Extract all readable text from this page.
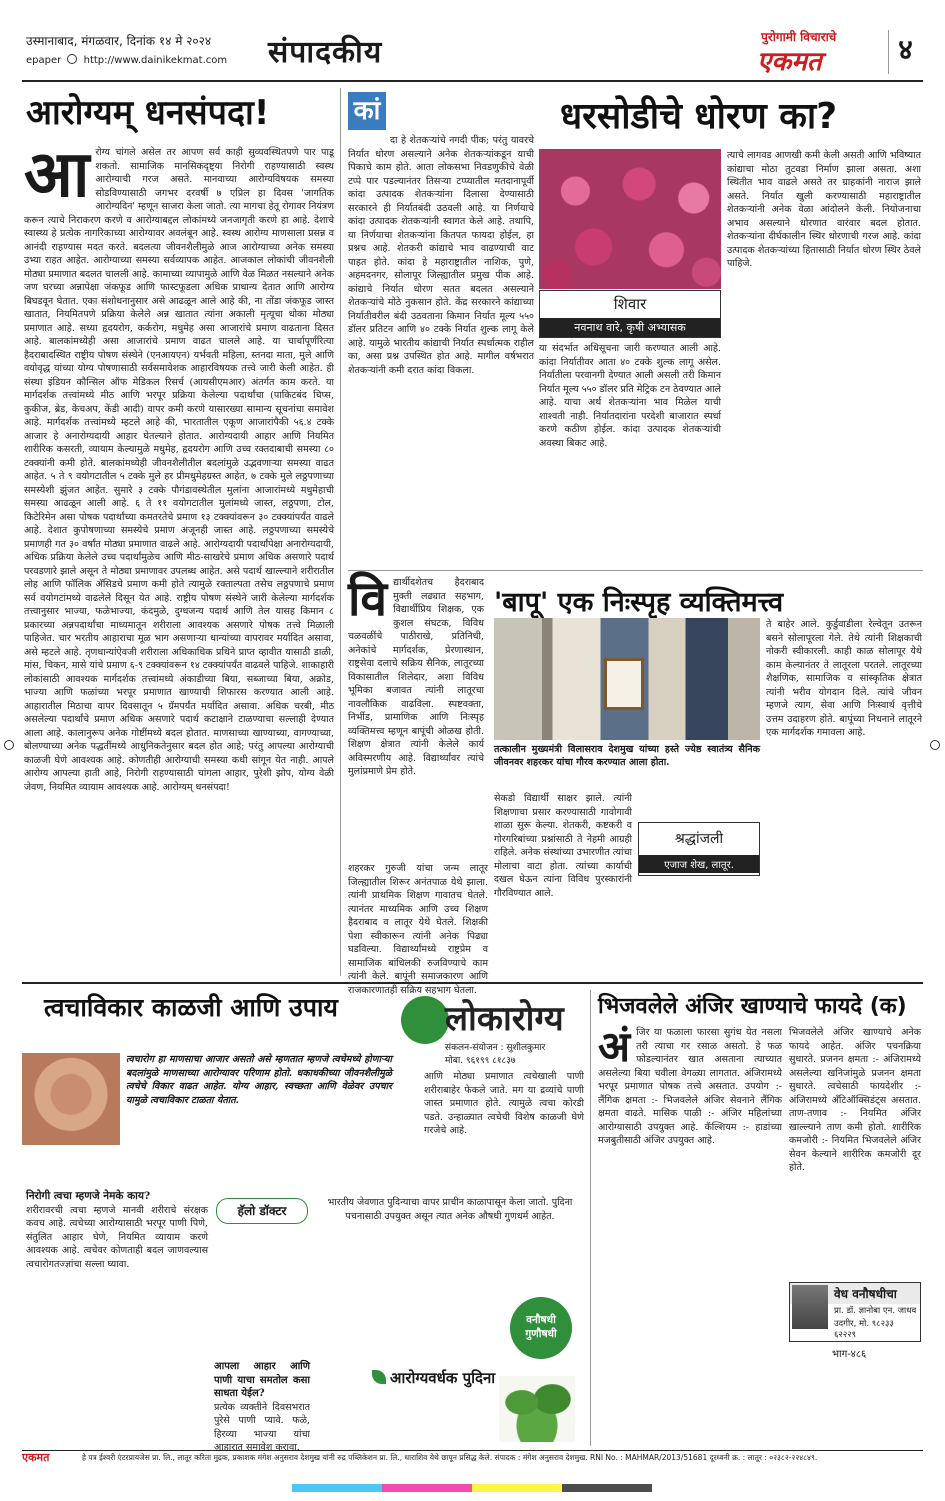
उस्मानाबाद, मंगळवार, दिनांक १४ मे २०२४
epaper http://www.dainikekmat.com संपादकीय	पुरोगामी विचाराचे
एकमत	४
आरोग्यम् धनसंपदा!
आ रोग्य चांगले असेल तर आपण सर्व काही सुव्यवस्थितपणे पार पाडू शकतो. सामाजिक मानसिकदृष्ट्या निरोगी राहण्यासाठी स्वस्थ आरोग्याची गरज असते. मानवाच्या आरोग्यविषयक समस्या सोडविण्यासाठी जगभर दरवर्षी ७ एप्रिल हा दिवस 'जागतिक आरोग्यदिन' म्हणून साजरा केला जातो. त्या मागचा हेतू रोगावर नियंत्रण करून त्याचे निराकरण करणे व आरोग्याबद्दल लोकांमध्ये जनजागृती करणे हा आहे. देशाचे स्वास्थ्य हे प्रत्येक नागरिकाच्या आरोग्यावर अवलंबून आहे. स्वस्थ आरोग्य माणसाला प्रसन्न व आनंदी राहण्यास मदत करते. बदलत्या जीवनशैलीमुळे आज आरोग्याच्या अनेक समस्या उभ्या राहत आहेत. आरोग्याच्या समस्या सर्वव्यापक आहेत. आजकाल लोकांची जीवनशैली मोठ्या प्रमाणात बदलत चालली आहे. कामाच्या व्यापामुळे आणि वेळ मिळत नसल्याने अनेक जण घरच्या अन्नापेक्षा जंकफूड आणि फास्टफूडला अधिक प्राधान्य देतात आणि आरोग्य बिघडवून घेतात. एका संशोधनानुसार असे आढळून आले आहे की, ना तोंडा जंकफूड जास्त खातात, नियमितपणे प्रक्रिया केलेले अन्न खातात त्यांना अकाली मृत्यूचा धोका मोठ्या प्रमाणात आहे. सध्या हृदयरोग, कर्करोग, मधुमेह असा आजारांचे प्रमाण वाढताना दिसत आहे. बालकांमध्येही असा आजारांचे प्रमाण वाढत चालले आहे. या चार्चापूर्णरित्या हैदराबादस्थित राष्ट्रीय पोषण संस्थेने (एनआयएन) यर्भवती महिला, स्तनदा माता, मुले आणि वयोवृद्ध यांच्या योग्य पोषणासाठी सर्वसमावेशक आहारविषयक तत्त्वे जारी केली आहेत. ही संस्था इंडियन कौन्सिल ऑफ मेडिकल रिसर्च (आयसीएमआर) अंतर्गत काम करते. या मार्गदर्शक तत्त्वांमध्ये मीठ आणि भरपूर प्रक्रिया केलेल्या पदार्थांचा (पाकिटबंद चिप्स, कुकीज, ब्रेड, केचअप, केंडी आदी) वापर कमी करणे यासारख्या सामान्य सूचनांचा समावेश आहे. मार्गदर्शक तत्त्वांमध्ये म्हटले आहे की, भारतातील एकूण आजारांपैकी ५६.४ टक्के आजार हे अनारोग्यदायी आहार घेतल्याने होतात. आरोग्यदायी आहार आणि नियमित शारीरिक कसरती, व्यायाम केल्यामुळे मधुमेह, हृदयरोग आणि उच्च रक्तदाबाची समस्या ८० टक्क्यांनी कमी होते. बालकांमध्येही जीवनशैलीतील बदलांमुळे उद्भवणाऱ्या समस्या वाढत आहेत. ५ ते ९ वयोगटातील ५ टक्के मुले हर प्रीमधुमेहग्रस्त आहेत, ७ टक्के मुले लठ्ठपणाच्या समस्येशी झुंजत आहेत. सुमारे ३ टक्के पौगंडावस्थेतील मुलांना आजारांमध्ये मधुमेहाची समस्या आढळून आली आहे. ६ ते ११ वयोगटातील मुलांमध्ये जास्त, लठ्ठपणा, टोल, किटेरिमेन असा पोषक पदार्थांच्या कमतरतेचे प्रमाण १३ टक्क्यांवरून ३० टक्क्यांपर्यंत वाढले आहे. देशात कुपोषणाच्या समस्येचे प्रमाण अजूनही जास्त आहे. लठ्ठपणाच्या समस्येचे प्रमाणही गत ३० वर्षांत मोठ्या प्रमाणात वाढले आहे. आरोग्यदायी पदार्थांपेक्षा अनारोग्यदायी, अधिक प्रक्रिया केलेले उच्च पदार्थांमुळेच आणि मीठ-साखरेचे प्रमाण अधिक असणारे पदार्थ परवडणारे झाले असून ते मोठ्या प्रमाणावर उपलब्ध आहेत. असे पदार्थ खाल्ल्याने शरीरातील लोह आणि फॉलिक ॲसिडचे प्रमाण कमी होते त्यामुळे रक्ताल्पता तसेच लठ्ठपणाचे प्रमाण सर्व वयोगटांमध्ये वाढलेले दिसून येत आहे. राष्ट्रीय पोषण संस्थेने जारी केलेल्या मार्गदर्शक तत्त्वानुसार भाज्या, फळेभाज्या, कंदमुळे, दुग्धजन्य पदार्थ आणि तेल यासह किमान ८ प्रकारच्या अन्नपदार्थांचा माध्यमातून शरीराला आवश्यक असणारे पोषक तत्त्वे मिळाली पाहिजेत. चार भरतीय आहाराचा मूळ भाग असणाऱ्या धान्यांच्या वापरावर मर्यादित असावा, असे म्हटले आहे. तृणधान्यांऐवजी शरीराला अधिकाधिक प्रथिने प्राप्त व्हावीत यासाठी डाळी, मांस, चिकन, मासे यांचे प्रमाण ६-९ टक्क्यांवरून १४ टक्क्यांपर्यंत वाढवले पाहिजे. शाकाहारी लोकांसाठी आवश्यक मार्गदर्शक तत्त्वांमध्ये अंकाडीच्या बिया, सब्जाच्या बिया, अक्रोड, भाज्या आणि फळांच्या भरपूर प्रमाणात खाण्याची शिफारस करण्यात आली आहे. आहारातील मिठाचा वापर दिवसातून ५ ग्रॅमपर्यंत मर्यादित असावा. अधिक चरबी, मीठ असलेल्या पदार्थांचे प्रमाण अधिक असणारे पदार्थ कटाक्षाने टाळण्याचा सल्लाही देण्यात आला आहे. कालानुरूप अनेक गोष्टींमध्ये बदल होतात. माणसाच्या खाण्याच्या, वागण्याच्या, बोलण्याच्या अनेक पद्धतींमध्ये आधुनिकतेनुसार बदल होत आहे; परंतु आपल्या आरोग्याची काळजी घेणे आवश्यक आहे. कोणतीही आरोग्याची समस्या कधी सांगून येत नाही. आपले आरोग्य आपल्या हाती आहे, निरोगी राहण्यासाठी चांगला आहार, पुरेशी झोप, योग्य वेळी जेवण, नियमित व्यायाम आवश्यक आहे. आरोग्यम् धनसंपदा!
कां	धरसोडीचे धोरण का?
दा हे शेतकऱ्यांचे नगदी पीक; परंतु यावरचे निर्यात धोरण असल्याने अनेक शेतकऱ्यांकडून याची पिकाचे काम होते. आता लोकसभा निवडणुकीचे वेळी टप्पे पार पडल्यानंतर तिसऱ्या टप्प्यातील मतदानापूर्वी कांदा उत्पादक शेतकऱ्यांना दिलासा देण्यासाठी सरकारने ही निर्यातबंदी उठवली आहे. या निर्णयाचे कांदा उत्पादक शेतकऱ्यांनी स्वागत केले आहे. तथापि, या निर्णयाचा शेतकऱ्यांना कितपत फायदा होईल, हा प्रश्नच आहे. शेतकरी कांद्याचे भाव वाढण्याची वाट पाहत होते. कांदा हे महाराष्ट्रातील नाशिक, पुणे, अहमदनगर, सोलापूर जिल्ह्यातील प्रमुख पीक आहे. कांद्याचे निर्यात धोरण सतत बदलत असल्याने शेतकऱ्यांचे मोठे नुकसान होते. केंद्र सरकारने कांद्याच्या निर्यातीवरील बंदी उठवताना किमान निर्यात मूल्य ५५० डॉलर प्रतिटन आणि ४० टक्के निर्यात शुल्क लागू केले आहे. यामुळे भारतीय कांद्याची निर्यात स्पर्धात्मक राहील का, असा प्रश्न उपस्थित होत आहे. मागील वर्षभरात शेतकऱ्यांनी कमी दरात कांदा विकला.
शिवार
नवनाथ वारे, कृषी अभ्यासक
त्याचे लागवड आणखी कमी केली असती आणि भविष्यात कांद्याचा मोठा तुटवडा निर्माण झाला असता. अशा स्थितीत भाव वाढले असते तर ग्राहकांनी नाराज झाले असते. निर्यात खुली करण्यासाठी महाराष्ट्रातील शेतकऱ्यांनी अनेक वेळा आंदोलने केली. नियोजनाचा अभाव असल्याने धोरणात वारंवार बदल होतात. शेतकऱ्यांना दीर्घकालीन स्थिर धोरणाची गरज आहे. कांदा उत्पादक शेतकऱ्यांच्या हितासाठी निर्यात धोरण स्थिर ठेवले पाहिजे.
या संदर्भात अधिसूचना जारी करण्यात आली आहे. कांदा निर्यातीवर आता ४० टक्के शुल्क लागू असेल. निर्यातीला परवानगी देण्यात आली असली तरी किमान निर्यात मूल्य ५५० डॉलर प्रति मेट्रिक टन ठेवण्यात आले आहे. याचा अर्थ शेतकऱ्यांना भाव मिळेल याची शाश्वती नाही. निर्यातदारांना परदेशी बाजारात स्पर्धा करणे कठीण होईल. कांदा उत्पादक शेतकऱ्यांची अवस्था बिकट आहे.
वि द्यार्थीदशेतच हैदराबाद मुक्ती लढ्यात सहभाग, विद्यार्थीप्रिय शिक्षक, एक कुशल संघटक, विविध चळवळींचे पाठीराखे, प्रतिनिधी, अनेकांचे मार्गदर्शक, प्रेरणास्थान, राष्ट्रसेवा दलाचे सक्रिय सैनिक, लातूरच्या विकासातील शिलेदार, अशा विविध भूमिका बजावत त्यांनी लातूरचा नावलौकिक वाढविला. स्पष्टवक्ता, निर्भीड, प्रामाणिक आणि निःस्पृह व्यक्तिमत्त्व म्हणून बापूंची ओळख होती. शिक्षण क्षेत्रात त्यांनी केलेले कार्य अविस्मरणीय आहे. विद्यार्थ्यांवर त्यांचे मुलांप्रमाणे प्रेम होते.
'बापू' एक निःस्पृह व्यक्तिमत्त्व
तत्कालीन मुख्यमंत्री विलासराव देशमुख यांच्या हस्ते ज्येष्ठ स्वातंत्र्य सैनिक जीवनवर शहरकर यांचा गौरव करण्यात आला होता.
ते बाहेर आले. कुर्डुवाडीला रेल्वेतून उतरून बसने सोलापूरला गेले. तेथे त्यांनी शिक्षकाची नोकरी स्वीकारली. काही काळ सोलापूर येथे काम केल्यानंतर ते लातूरला परतले. लातूरच्या शैक्षणिक, सामाजिक व सांस्कृतिक क्षेत्रात त्यांनी भरीव योगदान दिले. त्यांचे जीवन म्हणजे त्याग, सेवा आणि निःस्वार्थ वृत्तीचे उत्तम उदाहरण होते. बापूंच्या निधनाने लातूरने एक मार्गदर्शक गमावला आहे.
शहरकर गुरुजी यांचा जन्म लातूर जिल्ह्यातील शिरूर अनंतपाळ येथे झाला. त्यांनी प्राथमिक शिक्षण गावातच घेतले. त्यानंतर माध्यमिक आणि उच्च शिक्षण हैदराबाद व लातूर येथे घेतले. शिक्षकी पेशा स्वीकारून त्यांनी अनेक पिढ्या घडविल्या. विद्यार्थ्यांमध्ये राष्ट्रप्रेम व सामाजिक बांधिलकी रुजविण्याचे काम त्यांनी केले. बापूंनी समाजकारण आणि राजकारणातही सक्रिय सहभाग घेतला.
सेकडो विद्यार्थी साक्षर झाले. त्यांनी शिक्षणाचा प्रसार करण्यासाठी गावोगावी शाळा सुरू केल्या. शेतकरी, कष्टकरी व गोरगरिबांच्या प्रश्नांसाठी ते नेहमी आग्रही राहिले. अनेक संस्थांच्या उभारणीत त्यांचा मोलाचा वाटा होता. त्यांच्या कार्याची दखल घेऊन त्यांना विविध पुरस्कारांनी गौरविण्यात आले.
श्रद्धांजली
एजाज शेख, लातूर.
त्वचाविकार काळजी आणि उपाय
त्वचारोग हा माणसाचा आजार असतो असे म्हणतात म्हणजे त्वचेमध्ये होणाऱ्या बदलांमुळे माणसाच्या आरोग्यावर परिणाम होतो. धकाधकीच्या जीवनशैलीमुळे त्वचेचे विकार वाढत आहेत. योग्य आहार, स्वच्छता आणि वेळेवर उपचार यामुळे त्वचाविकार टाळता येतात.
निरोगी त्वचा म्हणजे नेमके काय?
शरीरावरची त्वचा म्हणजे मानवी शरीराचे संरक्षक कवच आहे. त्वचेच्या आरोग्यासाठी भरपूर पाणी पिणे, संतुलित आहार घेणे, नियमित व्यायाम करणे आवश्यक आहे. त्वचेवर कोणताही बदल जाणवल्यास त्वचारोगतज्ज्ञांचा सल्ला घ्यावा.
हॅलो डॉक्टर
आपला आहार आणि पाणी याचा समतोल कसा साधता येईल?
प्रत्येक व्यक्तीने दिवसभरात पुरेसे पाणी प्यावे. फळे, हिरव्या भाज्या यांचा आहारात समावेश करावा.
लोकारोग्य
संकलन-संयोजन : सुशीलकुमार
मोबा. ९६१९९ ८१८३७
आणि मोठ्या प्रमाणात त्वचेखाली पाणी शरीराबाहेर फेकले जाते. मग या द्रव्यांचे पाणी जास्त प्रमाणात होते. त्यामुळे त्वचा कोरडी पडते. उन्हाळ्यात त्वचेची विशेष काळजी घेणे गरजेचे आहे.
भारतीय जेवणात पुदिन्याचा वापर प्राचीन काळापासून केला जातो. पुदिना पचनासाठी उपयुक्त असून त्यात अनेक औषधी गुणधर्म आहेत.
वनौषधी गुणौषधी
आरोग्यवर्धक पुदिना
भिजवलेले अंजिर खाण्याचे फायदे (क)
अं जिर या फळाला फारसा सुगंध येत नसला तरी त्याचा गर रसाळ असतो. हे फळ फोडल्यानंतर खात असताना त्याच्यात असलेल्या बिया चवीला वेगळ्या लागतात. अंजिरामध्ये भरपूर प्रमाणात पोषक तत्त्वे असतात. उपयोग :- लैंगिक क्षमता :- भिजवलेले अंजिर सेवनाने लैंगिक क्षमता वाढते. मासिक पाळी :- अंजिर महिलांच्या आरोग्यासाठी उपयुक्त आहे. कॅल्शियम :- हाडांच्या मजबुतीसाठी अंजिर उपयुक्त आहे.
भिजवलेले अंजिर खाण्याचे अनेक फायदे आहेत. अंजिर पचनक्रिया सुधारते. प्रजनन क्षमता :- अंजिरामध्ये असलेल्या खनिजांमुळे प्रजनन क्षमता सुधारते. त्वचेसाठी फायदेशीर :- अंजिरामध्ये अँटिऑक्सिडंट्स असतात. ताण-तणाव :- नियमित अंजिर खाल्ल्याने ताण कमी होतो. शारीरिक कमजोरी :- नियमित भिजवलेले अंजिर सेवन केल्याने शारीरिक कमजोरी दूर होते.
वेध वनौषधीचा
प्रा. डॉ. ज्ञानोबा एन. जाधव
उदगीर, मो. ९८२३३ ६२२२९
भाग-४८६
एकमत	हे पत्र ईश्वरी एंटरप्रायजेस प्रा. लि., लातूर करिता मुद्रक, प्रकाशक मंगेश अनुसराव देशमुख यांनी रुद्र पब्लिकेशन प्रा. लि., धाराशिव येथे छापून प्रसिद्ध केले. संपादक : मंगेश अनुसराव देशमुख. RNI No. : MAHMAR/2013/51681 दूरध्वनी क्र. : लातूर : ०२३८२-२२४८४९.
